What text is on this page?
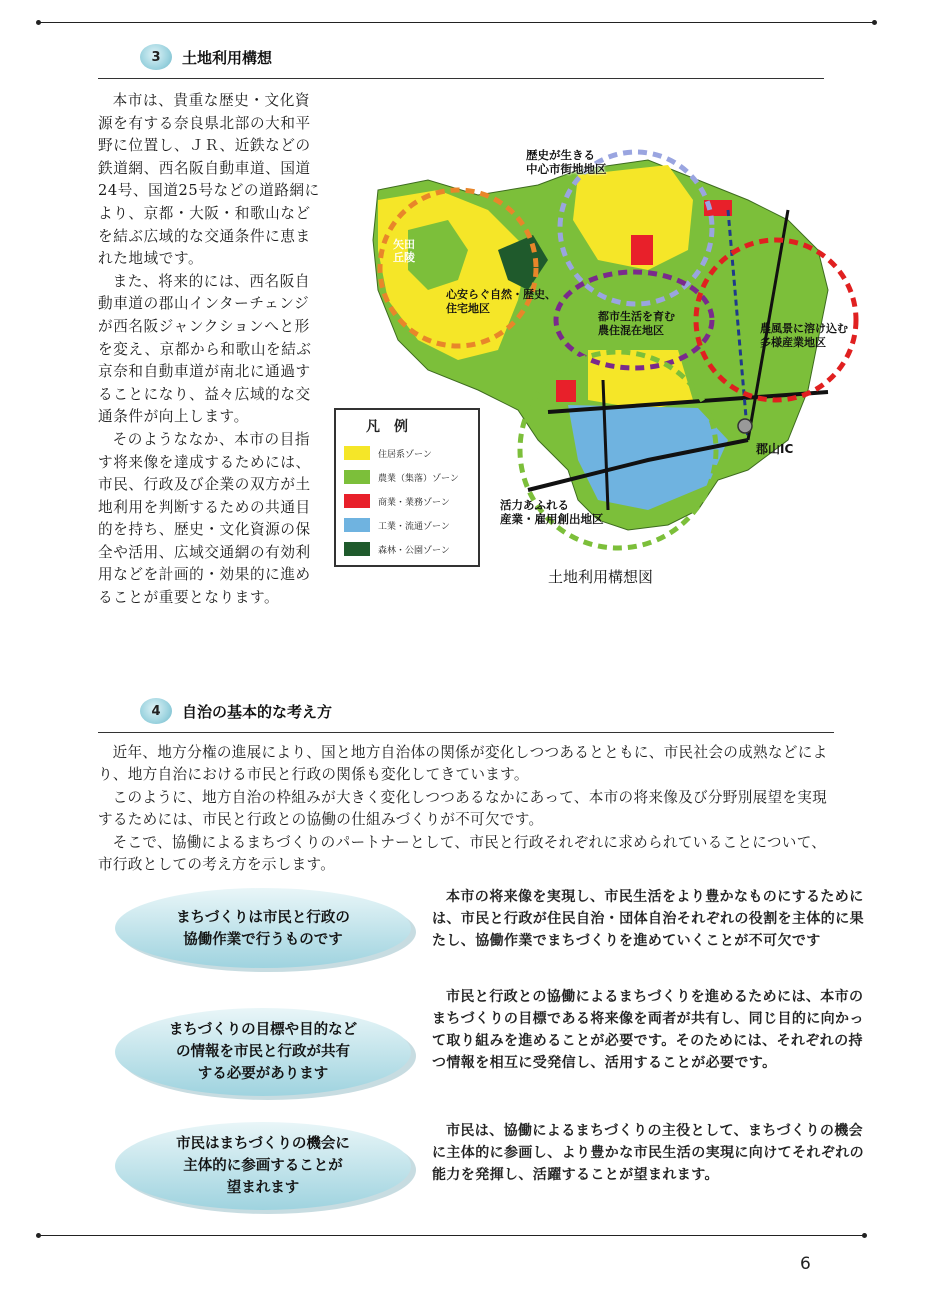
3	土地利用構想

本市は、貴重な歴史・文化資源を有する奈良県北部の大和平野に位置し、ＪＲ、近鉄などの鉄道網、西名阪自動車道、国道24号、国道25号などの道路網により、京都・大阪・和歌山などを結ぶ広域的な交通条件に恵まれた地域です。

また、将来的には、西名阪自動車道の郡山インターチェンジが西名阪ジャンクションへと形を変え、京都から和歌山を結ぶ京奈和自動車道が南北に通過することになり、益々広域的な交通条件が向上します。

そのようななか、本市の目指す将来像を達成するためには、市民、行政及び企業の双方が土地利用を判断するための共通目的を持ち、歴史・文化資源の保全や活用、広域交通網の有効利用などを計画的・効果的に進めることが重要となります。

歴史が生きる
中心市街地地区
心安らぐ自然・歴史、
住宅地区
都市生活を育む
農住混在地区	農風景に溶け込む
多様産業地区
活力あふれる
産業・雇用創出地区
矢田
丘陵
郡山IC
凡　例
住居系ゾーン
農業（集落）ゾーン
商業・業務ゾーン
工業・流通ゾーン
森林・公園ゾーン
土地利用構想図
4	自治の基本的な考え方

近年、地方分権の進展により、国と地方自治体の関係が変化しつつあるとともに、市民社会の成熟などにより、地方自治における市民と行政の関係も変化してきています。

このように、地方自治の枠組みが大きく変化しつつあるなかにあって、本市の将来像及び分野別展望を実現するためには、市民と行政との協働の仕組みづくりが不可欠です。

そこで、協働によるまちづくりのパートナーとして、市民と行政それぞれに求められていることについて、市行政としての考え方を示します。

まちづくりは市民と行政の
協働作業で行うものです
本市の将来像を実現し、市民生活をより豊かなものにするためには、市民と行政が住民自治・団体自治それぞれの役割を主体的に果たし、協働作業でまちづくりを進めていくことが不可欠です
まちづくりの目標や目的など
の情報を市民と行政が共有
する必要があります
市民と行政との協働によるまちづくりを進めるためには、本市のまちづくりの目標である将来像を両者が共有し、同じ目的に向かって取り組みを進めることが必要です。そのためには、それぞれの持つ情報を相互に受発信し、活用することが必要です。
市民はまちづくりの機会に
主体的に参画することが
望まれます
市民は、協働によるまちづくりの主役として、まちづくりの機会に主体的に参画し、より豊かな市民生活の実現に向けてそれぞれの能力を発揮し、活躍することが望まれます。
6
